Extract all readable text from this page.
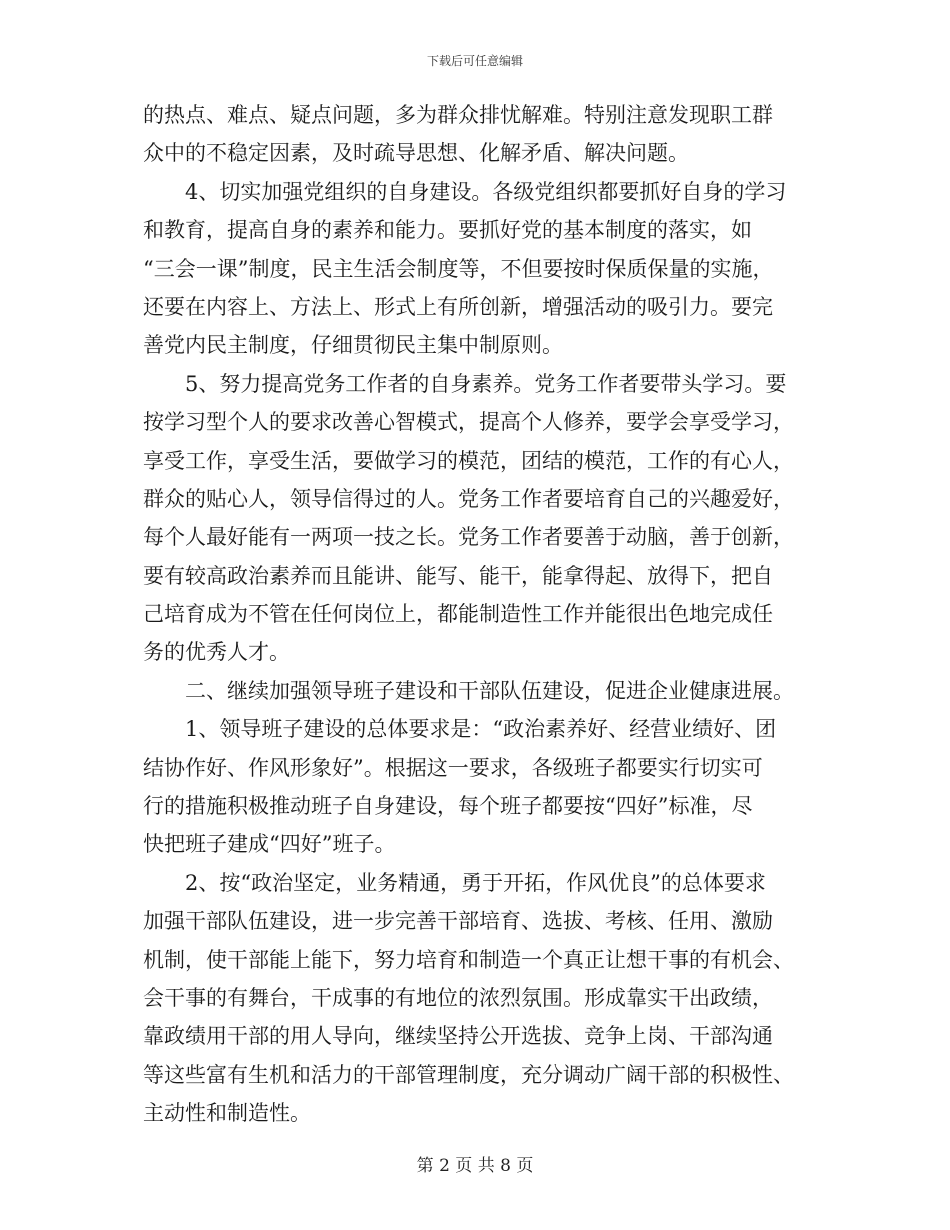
下载后可任意编辑
的热点、难点、疑点问题，多为群众排忧解难。特别注意发现职工群
众中的不稳定因素，及时疏导思想、化解矛盾、解决问题。
4、切实加强党组织的自身建设。各级党组织都要抓好自身的学习
和教育，提高自身的素养和能力。要抓好党的基本制度的落实，如
“三会一课”制度，民主生活会制度等，不但要按时保质保量的实施，
还要在内容上、方法上、形式上有所创新，增强活动的吸引力。要完
善党内民主制度，仔细贯彻民主集中制原则。
5、努力提高党务工作者的自身素养。党务工作者要带头学习。要
按学习型个人的要求改善心智模式，提高个人修养，要学会享受学习，
享受工作，享受生活，要做学习的模范，团结的模范，工作的有心人，
群众的贴心人，领导信得过的人。党务工作者要培育自己的兴趣爱好，
每个人最好能有一两项一技之长。党务工作者要善于动脑，善于创新，
要有较高政治素养而且能讲、能写、能干，能拿得起、放得下，把自
己培育成为不管在任何岗位上，都能制造性工作并能很出色地完成任
务的优秀人才。
二、继续加强领导班子建设和干部队伍建设，促进企业健康进展。
1、领导班子建设的总体要求是：“政治素养好、经营业绩好、团
结协作好、作风形象好”。根据这一要求，各级班子都要实行切实可
行的措施积极推动班子自身建设，每个班子都要按“四好”标准，尽
快把班子建成“四好”班子。
2、按“政治坚定，业务精通，勇于开拓，作风优良”的总体要求
加强干部队伍建设，进一步完善干部培育、选拔、考核、任用、激励
机制，使干部能上能下，努力培育和制造一个真正让想干事的有机会、
会干事的有舞台，干成事的有地位的浓烈氛围。形成靠实干出政绩，
靠政绩用干部的用人导向，继续坚持公开选拔、竞争上岗、干部沟通
等这些富有生机和活力的干部管理制度，充分调动广阔干部的积极性、
主动性和制造性。
第 2 页 共 8 页
